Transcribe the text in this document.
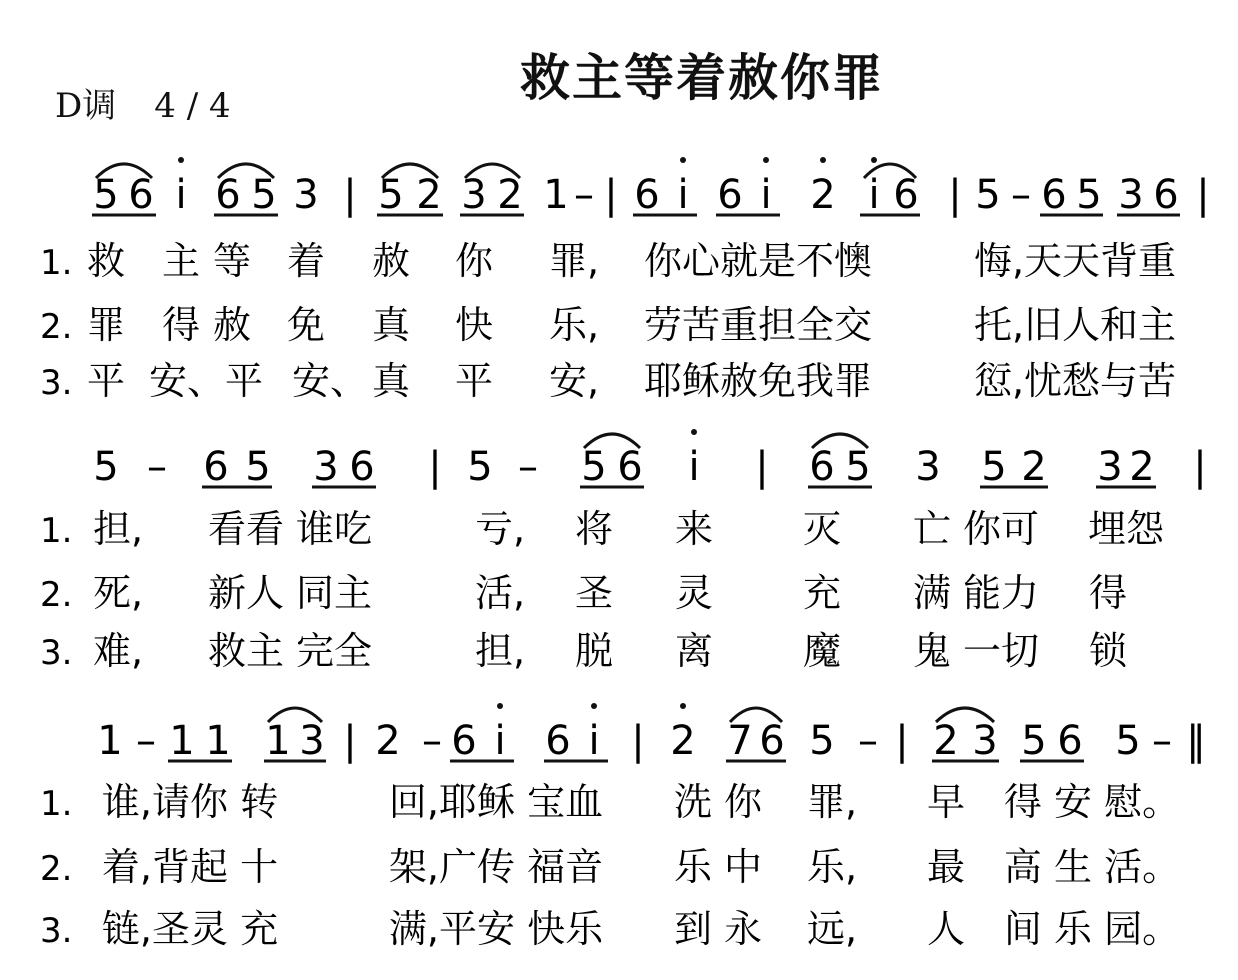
救主等着赦你罪
D调 4 / 4
5 6 i 6 5 3 | 5 2 3 2 1 – | 6 i 6 i 2 i 6 | 5 – 6 5 3 6 |
1. 救 主 等 着 赦 你 罪, 你心就是不懊	悔,天天背重
2. 罪 得 赦 免 真 快 乐, 劳苦重担全交	托,旧人和主
3. 平 安、平 安、 真 平 安, 耶稣赦免我罪	愆,忧愁与苦
5 – 6 5 3 6 | 5 – 5 6 i | 6 5 3 5 2 3 2 |
1. 担, 看看 谁吃	亏, 将 来 灭 亡 你可 埋怨
2. 死, 新人 同主	活, 圣 灵 充 满 能力 得
3. 难, 救主 完全	担, 脱 离 魔 鬼 一切 锁
1 – 1 1 1 3 | 2 – 6 i 6 i | 2 7 6 5 – | 2 3 5 6 5 – ‖
1. 谁,请你 转	回,耶稣 宝血 洗 你 罪, 早 得 安 慰。
2. 着,背起 十	架,广传 福音 乐 中 乐, 最 高 生 活。
3. 链,圣灵 充	满,平安 快乐 到 永 远, 人 间 乐 园。
